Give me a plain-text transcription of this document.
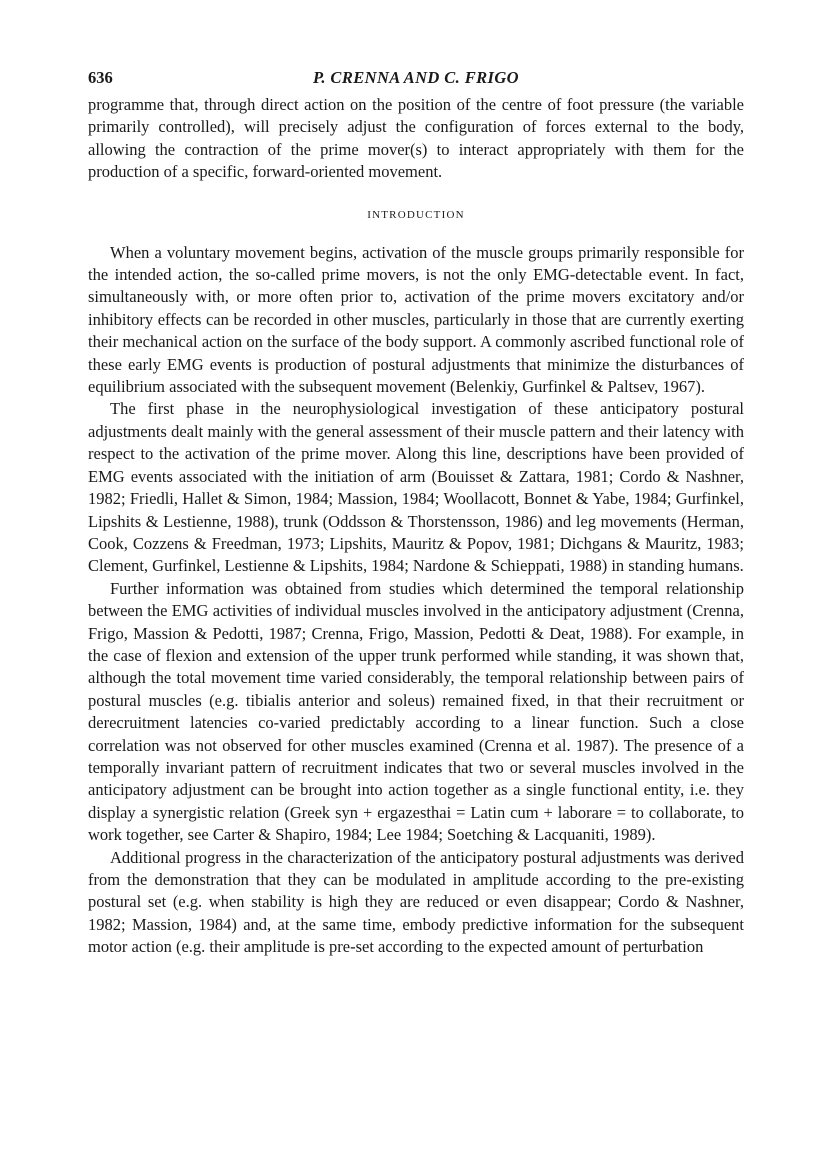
636	P. CRENNA AND C. FRIGO

programme that, through direct action on the position of the centre of foot pressure (the variable primarily controlled), will precisely adjust the configuration of forces external to the body, allowing the contraction of the prime mover(s) to interact appropriately with them for the production of a specific, forward-oriented movement.

INTRODUCTION

When a voluntary movement begins, activation of the muscle groups primarily responsible for the intended action, the so-called prime movers, is not the only EMG-detectable event. In fact, simultaneously with, or more often prior to, activation of the prime movers excitatory and/or inhibitory effects can be recorded in other muscles, particularly in those that are currently exerting their mechanical action on the surface of the body support. A commonly ascribed functional role of these early EMG events is production of postural adjustments that minimize the disturbances of equilibrium associated with the subsequent movement (Belenkiy, Gurfinkel & Paltsev, 1967).

The first phase in the neurophysiological investigation of these anticipatory postural adjustments dealt mainly with the general assessment of their muscle pattern and their latency with respect to the activation of the prime mover. Along this line, descriptions have been provided of EMG events associated with the initiation of arm (Bouisset & Zattara, 1981; Cordo & Nashner, 1982; Friedli, Hallet & Simon, 1984; Massion, 1984; Woollacott, Bonnet & Yabe, 1984; Gurfinkel, Lipshits & Lestienne, 1988), trunk (Oddsson & Thorstensson, 1986) and leg movements (Herman, Cook, Cozzens & Freedman, 1973; Lipshits, Mauritz & Popov, 1981; Dichgans & Mauritz, 1983; Clement, Gurfinkel, Lestienne & Lipshits, 1984; Nardone & Schieppati, 1988) in standing humans.

Further information was obtained from studies which determined the temporal relationship between the EMG activities of individual muscles involved in the anticipatory adjustment (Crenna, Frigo, Massion & Pedotti, 1987; Crenna, Frigo, Massion, Pedotti & Deat, 1988). For example, in the case of flexion and extension of the upper trunk performed while standing, it was shown that, although the total movement time varied considerably, the temporal relationship between pairs of postural muscles (e.g. tibialis anterior and soleus) remained fixed, in that their recruitment or derecruitment latencies co-varied predictably according to a linear function. Such a close correlation was not observed for other muscles examined (Crenna et al. 1987). The presence of a temporally invariant pattern of recruitment indicates that two or several muscles involved in the anticipatory adjustment can be brought into action together as a single functional entity, i.e. they display a synergistic relation (Greek syn + ergazesthai = Latin cum + laborare = to collaborate, to work together, see Carter & Shapiro, 1984; Lee 1984; Soetching & Lacquaniti, 1989).

Additional progress in the characterization of the anticipatory postural adjustments was derived from the demonstration that they can be modulated in amplitude according to the pre-existing postural set (e.g. when stability is high they are reduced or even disappear; Cordo & Nashner, 1982; Massion, 1984) and, at the same time, embody predictive information for the subsequent motor action (e.g. their amplitude is pre-set according to the expected amount of perturbation
